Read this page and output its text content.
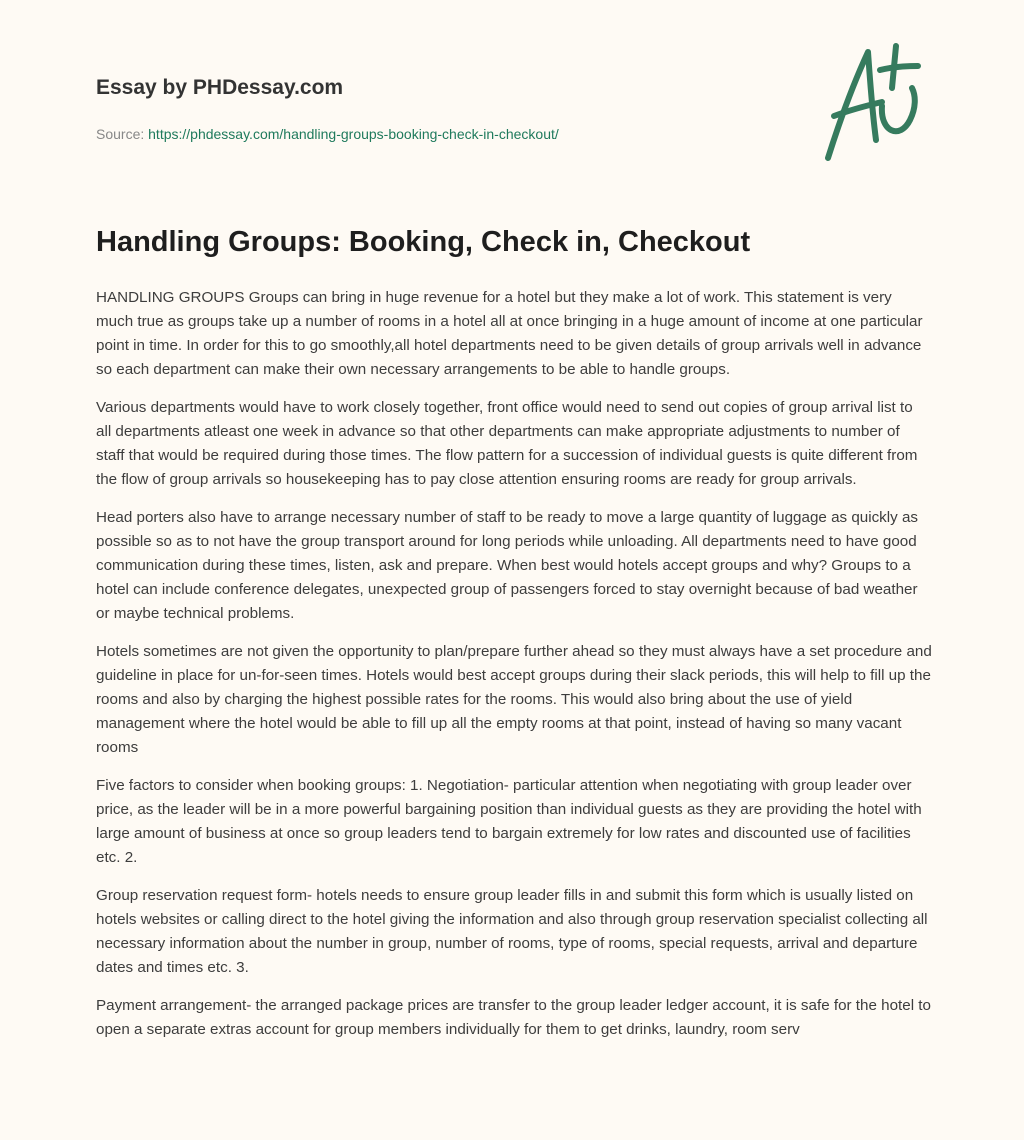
Essay by PHDessay.com

Source: https://phdessay.com/handling-groups-booking-check-in-checkout/
Handling Groups: Booking, Check in, Checkout

HANDLING GROUPS Groups can bring in huge revenue for a hotel but they make a lot of work. This statement is very much true as groups take up a number of rooms in a hotel all at once bringing in a huge amount of income at one particular point in time. In order for this to go smoothly,all hotel departments need to be given details of group arrivals well in advance so each department can make their own necessary arrangements to be able to handle groups.

Various departments would have to work closely together, front office would need to send out copies of group arrival list to all departments atleast one week in advance so that other departments can make appropriate adjustments to number of staff that would be required during those times. The flow pattern for a succession of individual guests is quite different from the flow of group arrivals so housekeeping has to pay close attention ensuring rooms are ready for group arrivals.

Head porters also have to arrange necessary number of staff to be ready to move a large quantity of luggage as quickly as possible so as to not have the group transport around for long periods while unloading. All departments need to have good communication during these times, listen, ask and prepare. When best would hotels accept groups and why? Groups to a hotel can include conference delegates, unexpected group of passengers forced to stay overnight because of bad weather or maybe technical problems.

Hotels sometimes are not given the opportunity to plan/prepare further ahead so they must always have a set procedure and guideline in place for un-for-seen times. Hotels would best accept groups during their slack periods, this will help to fill up the rooms and also by charging the highest possible rates for the rooms. This would also bring about the use of yield management where the hotel would be able to fill up all the empty rooms at that point, instead of having so many vacant rooms

Five factors to consider when booking groups: 1. Negotiation- particular attention when negotiating with group leader over price, as the leader will be in a more powerful bargaining position than individual guests as they are providing the hotel with large amount of business at once so group leaders tend to bargain extremely for low rates and discounted use of facilities etc. 2.

Group reservation request form- hotels needs to ensure group leader fills in and submit this form which is usually listed on hotels websites or calling direct to the hotel giving the information and also through group reservation specialist collecting all necessary information about the number in group, number of rooms, type of rooms, special requests, arrival and departure dates and times etc. 3.

Payment arrangement- the arranged package prices are transfer to the group leader ledger account, it is safe for the hotel to open a separate extras account for group members individually for them to get drinks, laundry, room serv
